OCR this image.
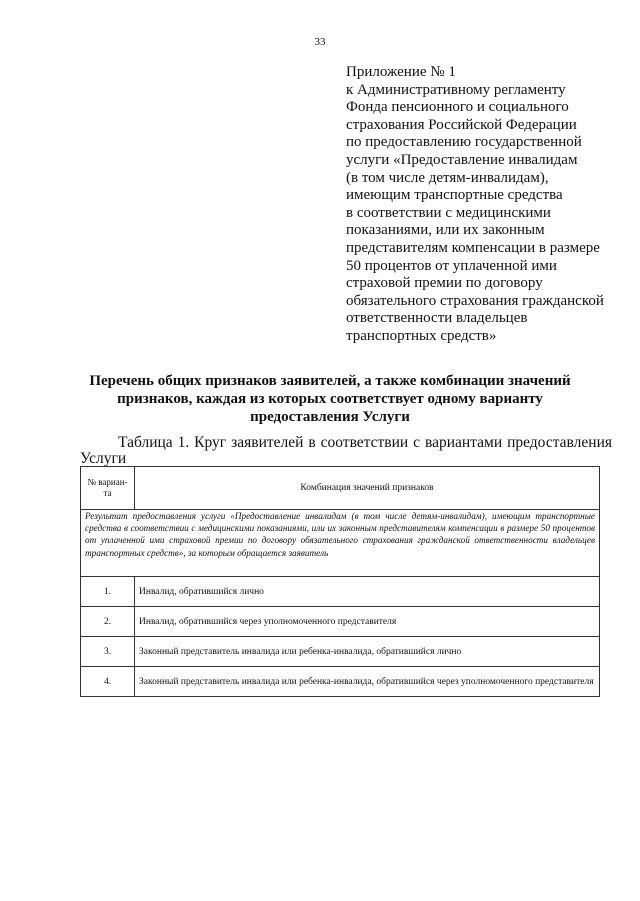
33
Приложение № 1
к Административному регламенту
Фонда пенсионного и социального
страхования Российской Федерации
по предоставлению государственной
услуги «Предоставление инвалидам
(в том числе детям-инвалидам),
имеющим транспортные средства
в соответствии с медицинскими
показаниями, или их законным
представителям компенсации в размере
50 процентов от уплаченной ими
страховой премии по договору
обязательного страхования гражданской
ответственности владельцев
транспортных средств»
Перечень общих признаков заявителей, а также комбинации значений
признаков, каждая из которых соответствует одному варианту
предоставления Услуги
Таблица 1. Круг заявителей в соответствии с вариантами предоставления
Услуги
№ вариан-та	Комбинация значений признаков
Результат предоставления услуги «Предоставление инвалидам (в том числе детям-инвалидам), имеющим транспортные средства в соответствии с медицинскими показаниями, или их законным представителям компенсации в размере 50 процентов от уплаченной ими страховой премии по договору обязательного страхования гражданской ответственности владельцев транспортных средств», за которым обращается заявитель	
1.	Инвалид, обратившийся лично
2.	Инвалид, обратившийся через уполномоченного представителя
3.	Законный представитель инвалида или ребенка-инвалида, обратившийся лично
4.	Законный представитель инвалида или ребенка-инвалида, обратившийся через уполномоченного представителя
